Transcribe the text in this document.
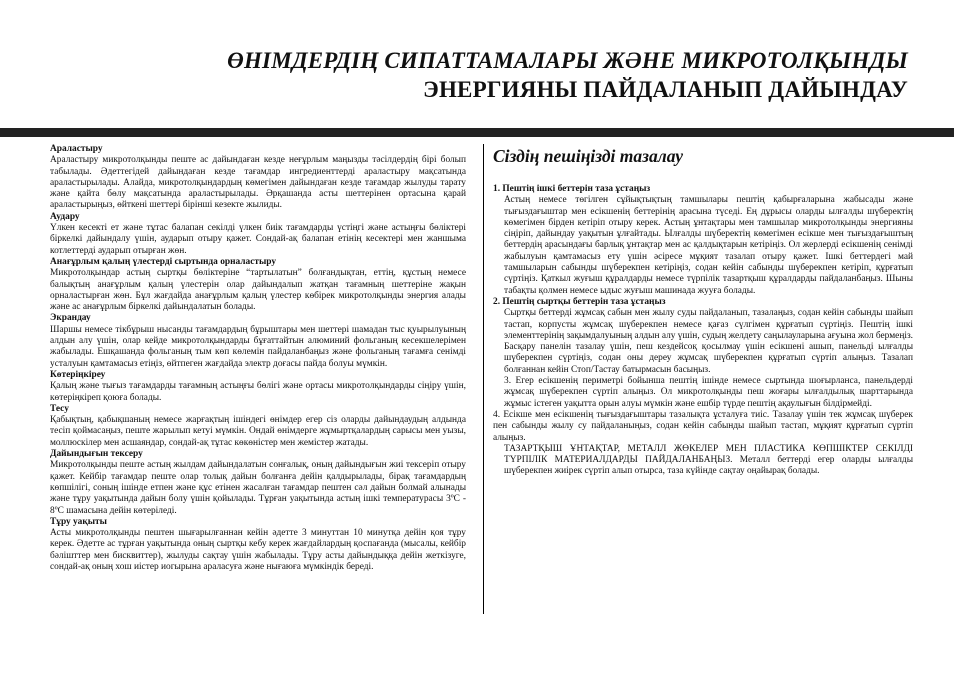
ӨНІМДЕРДІҢ СИПАТТАМАЛАРЫ ЖӘНЕ МИКРОТОЛҚЫНДЫ
ЭНЕРГИЯНЫ ПАЙДАЛАНЫП ДАЙЫНДАУ
Араластыру

Араластыру микротолқынды пеште ас дайындаған кезде неғұрлым маңызды тәсілдердің бірі болып табылады. Әдеттегідей дайындаған кезде тағамдар ингредиенттерді араластыру мақсатында араластырылады. Алайда, микротолқындардың көмегімен дайындаған кезде тағамдар жылуды тарату және қайта бөлу мақсатында араластырылады. Әрқашанда асты шеттерінен ортасына қарай араластырыңыз, өйткені шеттері бірінші кезекте жылиды.

Аудару

Үлкен кесекті ет және тұтас балапан секілді үлкен биік тағамдарды үстіңгі және астыңғы бөліктері біркелкі дайындалу үшін, аударып отыру қажет. Сондай-ақ балапан етінің кесектері мен жаншыма котлеттерді аударып отырған жөн.

Анағұрлым қалың үлестерді сыртында орналастыру

Микротолқындар астың сыртқы бөліктеріне “тартылатын” болғандықтан, еттің, құстың немесе балықтың анағұрлым қалың үлестерін олар дайындалып жатқан тағамның шеттеріне жақын орналастырған жөн. Бұл жағдайда анағұрлым қалың үлестер көбірек микротолқынды энергия алады және ас анағұрлым біркелкі дайындалатын болады.

Экрандау

Шаршы немесе тікбұрыш нысанды тағамдардың бұрыштары мен шеттері шамадан тыс қуырылуының алдын алу үшін, олар кейде микротолқындарды бұғаттайтын алюминий фольганың кесекшелерімен жабылады. Ешқашанда фольганың тым көп көлемін пайдаланбаңыз және фольганың тағамға сенімді усталуын қамтамасыз етіңіз, өйтпеген жағдайда электр доғасы пайда болуы мүмкін.

Көтеріңкіреу

Қалың және тығыз тағамдарды тағамның астыңғы бөлігі және ортасы микротолқындарды сіңіру үшін, көтеріңкіреп қоюға болады.

Тесу

Қабықтың, қабықшаның немесе жарғақтың ішіндегі өнімдер егер сіз оларды дайындаудың алдында тесіп қоймасаңыз, пеште жарылып кетуі мүмкін. Ондай өнімдерге жұмыртқалардың сарысы мен уызы, моллюскілер мен асшаяндар, сондай-ақ тұтас көкөністер мен жемістер жатады.

Дайындығын тексеру

Микротолқынды пеште астың жылдам дайындалатын сонғалық, оның дайындығын жиі тексеріп отыру қажет. Кейбір тағамдар пеште олар толық дайын болғанға дейін қалдырылады, бірақ тағамдардың көпшілігі, соның ішінде етпен және құс етінен жасалған тағамдар пештен сәл дайын болмай алынады және тұру уақытында дайын болу үшін қойылады. Тұрған уақытында астың ішкі температурасы 3ºС - 8ºС шамасына дейін көтеріледі.

Тұру уақыты

Асты микротолқынды пештен шығарылғаннан кейін әдетте 3 минуттан 10 минутқа дейін қоя тұру керек. Әдетте ас тұрған уақытында оның сыртқы кебу керек жағдайлардың қоспағанда (мысалы, кейбір бәлішттер мен бисквиттер), жылуды сақтау үшін жабылады. Тұру асты дайындыққа дейін жеткізуге, сондай-ақ оның хош иістер иогырына араласуға және нығаюға мүмкіндік береді.

Сіздің пешіңізді тазалау
1. Пештің ішкі беттерін таза ұстаңыз

Астың немесе төгілген сұйықтықтың тамшылары пештің қабырғаларына жабысады және тығыздағыштар мен есікшенің беттерінің арасына түседі. Ең дұрысы оларды ылғалды шүберектің көмегімен бірден кетіріп отыру керек. Астың ұнтақтары мен тамшылар микротолқынды энергияны сіңіріп, дайындау уақытын ұлғайтады. Ылғалды шүберектің көмегімен есікше мен тығыздағыштың беттердің арасындағы барлық ұнтақтар мен ас қалдықтарын кетіріңіз. Ол жерлерді есікшенің сенімді жабылуын қамтамасыз ету үшін әсіресе мұқият тазалап отыру қажет. Ішкі беттердегі май тамшыларын сабынды шүберекпен кетіріңіз, содан кейін сабынды шүберекпен кетіріп, құрғатып сүртіңіз. Қаткыл жуғыш құралдарды немесе түрпілік тазартқыш құралдарды пайдаланбаңыз. Шыны табақты қолмен немесе ыдыс жуғыш машинада жууға болады.

2. Пештің сыртқы беттерін таза ұстаңыз

Сыртқы беттерді жұмсақ сабын мен жылу суды пайдаланып, тазалаңыз, содан кейін сабынды шайып тастап, корпусты жұмсақ шүберекпен немесе қағаз сүлгімен құрғатып сүртіңіз. Пештің ішкі элементтерінің зақымдалуының алдын алу үшін, судың желдету саңылауларына ағуына жол бермеңіз. Басқару панелін тазалау үшін, пеш кездейсоқ қосылмау үшін есікшені ашып, панельді ылғалды шүберекпен сүртіңіз, содан оны дереу жұмсақ шүберекпен құрғатып сүртіп алыңыз. Тазалап болғаннан кейін Стоп/Тастау батырмасын басыңыз.

3. Егер есікшенің периметрі бойынша пештің ішінде немесе сыртында шоғырланса, панельдерді жұмсақ шүберекпен сүртіп алыңыз. Ол микротолқынды пеш жоғары ылғалдылық шарттарында жұмыс істеген уақытта орын алуы мүмкін және ешбір түрде пештің ақаулығын білдірмейді.

4. Есікше мен есікшенің тығыздағыштары тазалықта ұсталуға тиіс. Тазалау үшін тек жұмсақ шүберек пен сабынды жылу су пайдаланыңыз, содан кейін сабынды шайып тастап, мұқият құрғатып сүртіп алыңыз.

ТАЗАРТҚЫШ ҰНТАҚТАР, МЕТАЛЛ ЖӨКЕЛЕР МЕН ПЛАСТИКА КӨПШІКТЕР СЕКІЛДІ ТҮРПІЛІК МАТЕРИАЛДАРДЫ ПАЙДАЛАНБАҢЫЗ. Металл беттерді егер оларды ылғалды шүберекпен жиірек сүртіп алып отырса, таза күйінде сақтау оңайырақ болады.
